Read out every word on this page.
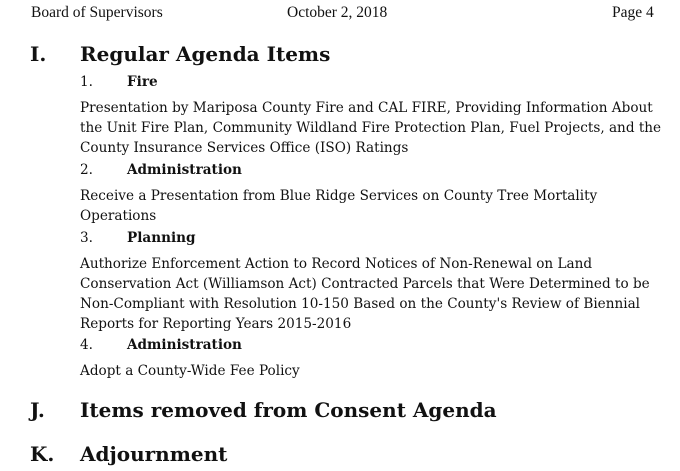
Board of Supervisors	October 2, 2018	Page 4
I. Regular Agenda Items
1.	Fire
Presentation by Mariposa County Fire and CAL FIRE, Providing Information About the Unit Fire Plan, Community Wildland Fire Protection Plan, Fuel Projects, and the County Insurance Services Office (ISO) Ratings
2.	Administration
Receive a Presentation from Blue Ridge Services on County Tree Mortality Operations
3.	Planning
Authorize Enforcement Action to Record Notices of Non-Renewal on Land Conservation Act (Williamson Act) Contracted Parcels that Were Determined to be Non-Compliant with Resolution 10-150 Based on the County's Review of Biennial Reports for Reporting Years 2015-2016
4.	Administration
Adopt a County-Wide Fee Policy
J. Items removed from Consent Agenda
K. Adjournment
